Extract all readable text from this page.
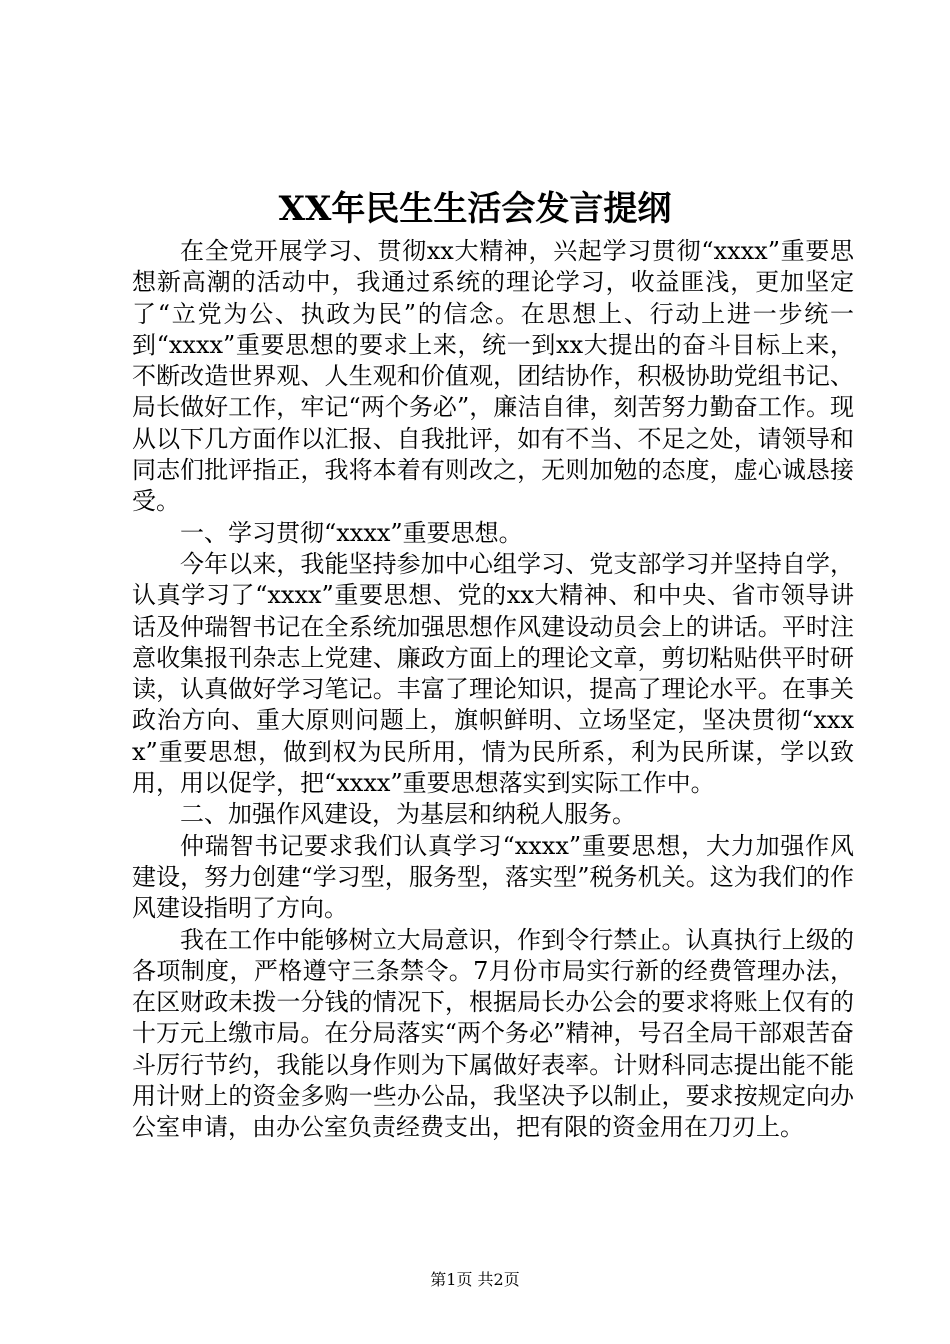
XX年民生生活会发言提纲

在全党开展学习、贯彻xx大精神，兴起学习贯彻“xxxx”重要思想新高潮的活动中，我通过系统的理论学习，收益匪浅，更加坚定了“立党为公、执政为民”的信念。在思想上、行动上进一步统一到“xxxx”重要思想的要求上来，统一到xx大提出的奋斗目标上来，不断改造世界观、人生观和价值观，团结协作，积极协助党组书记、局长做好工作，牢记“两个务必”，廉洁自律，刻苦努力勤奋工作。现从以下几方面作以汇报、自我批评，如有不当、不足之处，请领导和同志们批评指正，我将本着有则改之，无则加勉的态度，虚心诚恳接受。

一、学习贯彻“xxxx”重要思想。

今年以来，我能坚持参加中心组学习、党支部学习并坚持自学，认真学习了“xxxx”重要思想、党的xx大精神、和中央、省市领导讲话及仲瑞智书记在全系统加强思想作风建设动员会上的讲话。平时注意收集报刊杂志上党建、廉政方面上的理论文章，剪切粘贴供平时研读，认真做好学习笔记。丰富了理论知识，提高了理论水平。在事关政治方向、重大原则问题上，旗帜鲜明、立场坚定，坚决贯彻“xxxx”重要思想，做到权为民所用，情为民所系，利为民所谋，学以致用，用以促学，把“xxxx”重要思想落实到实际工作中。

二、加强作风建设，为基层和纳税人服务。

仲瑞智书记要求我们认真学习“xxxx”重要思想，大力加强作风建设，努力创建“学习型，服务型，落实型”税务机关。这为我们的作风建设指明了方向。

我在工作中能够树立大局意识，作到令行禁止。认真执行上级的各项制度，严格遵守三条禁令。7月份市局实行新的经费管理办法，在区财政未拨一分钱的情况下，根据局长办公会的要求将账上仅有的十万元上缴市局。在分局落实“两个务必”精神，号召全局干部艰苦奋斗厉行节约，我能以身作则为下属做好表率。计财科同志提出能不能用计财上的资金多购一些办公品，我坚决予以制止，要求按规定向办公室申请，由办公室负责经费支出，把有限的资金用在刀刃上。

第1页 共2页
